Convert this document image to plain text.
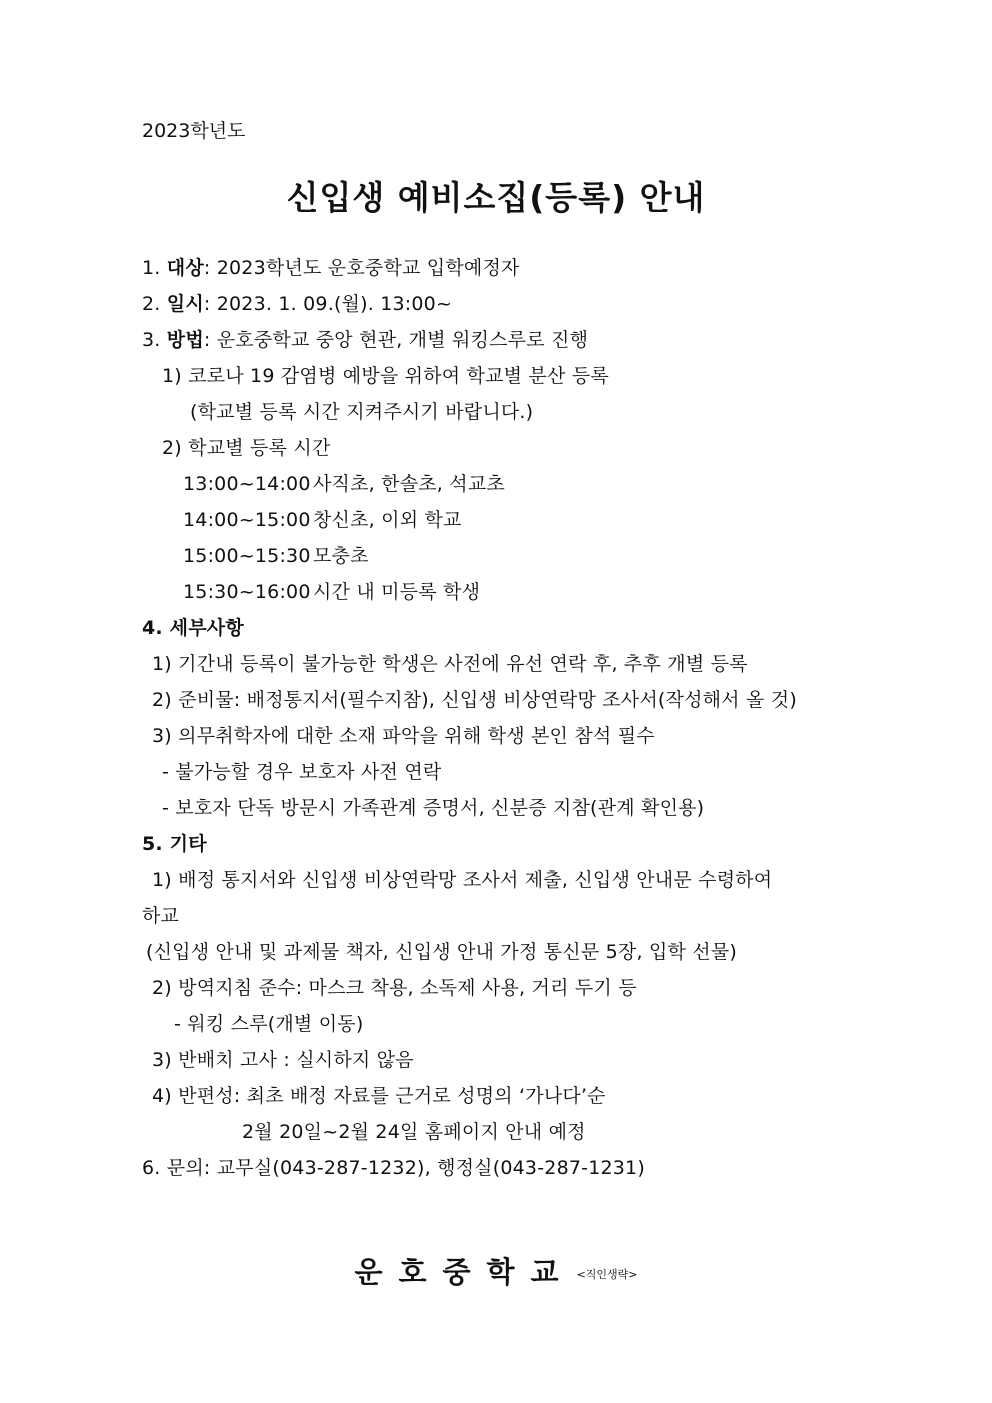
2023학년도
신입생 예비소집(등록) 안내
1. 대상: 2023학년도 운호중학교 입학예정자
2. 일시: 2023. 1. 09.(월). 13:00~
3. 방법: 운호중학교 중앙 현관, 개별 워킹스루로 진행
1) 코로나 19 감염병 예방을 위하여 학교별 분산 등록
(학교별 등록 시간 지켜주시기 바랍니다.)
2) 학교별 등록 시간
13:00~14:00 사직초, 한솔초, 석교초
14:00~15:00 창신초, 이외 학교
15:00~15:30 모충초
15:30~16:00 시간 내 미등록 학생
4. 세부사항
1) 기간내 등록이 불가능한 학생은 사전에 유선 연락 후, 추후 개별 등록
2) 준비물: 배정통지서(필수지참), 신입생 비상연락망 조사서(작성해서 올 것)
3) 의무취학자에 대한 소재 파악을 위해 학생 본인 참석 필수
- 불가능할 경우 보호자 사전 연락
- 보호자 단독 방문시 가족관계 증명서, 신분증 지참(관계 확인용)
5. 기타
1) 배정 통지서와 신입생 비상연락망 조사서 제출, 신입생 안내문 수령하여
하교
(신입생 안내 및 과제물 책자, 신입생 안내 가정 통신문 5장, 입학 선물)
2) 방역지침 준수: 마스크 착용, 소독제 사용, 거리 두기 등
- 워킹 스루(개별 이동)
3) 반배치 고사 : 실시하지 않음
4) 반편성: 최초 배정 자료를 근거로 성명의 ‘가나다’순
2월 20일~2월 24일 홈페이지 안내 예정
6. 문의: 교무실(043-287-1232), 행정실(043-287-1231)
운호중학교 $^{<직인생략>}$
